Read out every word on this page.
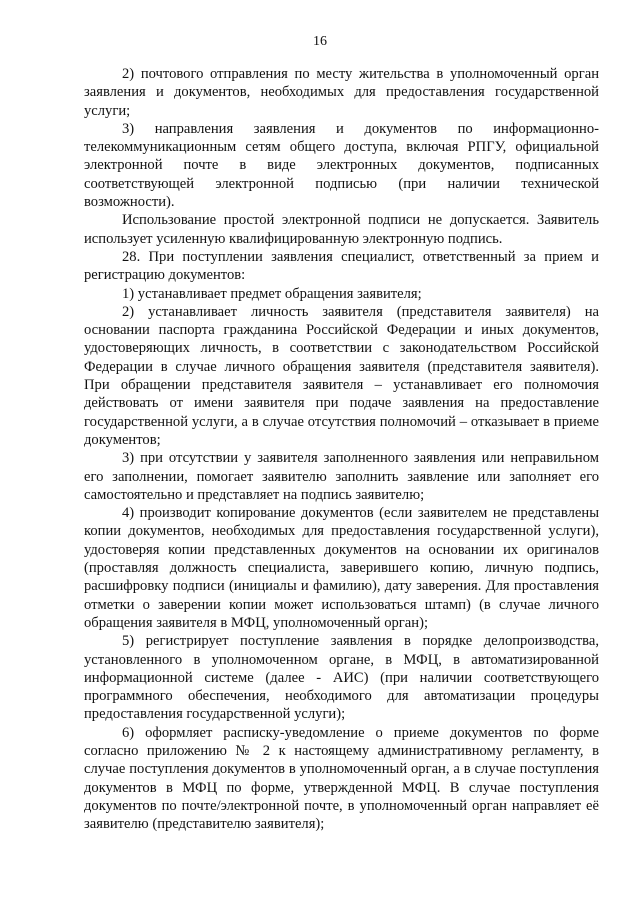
16

2) почтового отправления по месту жительства в уполномоченный орган заявления и документов, необходимых для предоставления государственной услуги;

3) направления заявления и документов по информационно-телекоммуникационным сетям общего доступа, включая РПГУ, официальной электронной почте в виде электронных документов, подписанных соответствующей электронной подписью (при наличии технической возможности).

Использование простой электронной подписи не допускается. Заявитель использует усиленную квалифицированную электронную подпись.

28. При поступлении заявления специалист, ответственный за прием и регистрацию документов:

1) устанавливает предмет обращения заявителя;

2) устанавливает личность заявителя (представителя заявителя) на основании паспорта гражданина Российской Федерации и иных документов, удостоверяющих личность, в соответствии с законодательством Российской Федерации в случае личного обращения заявителя (представителя заявителя). При обращении представителя заявителя – устанавливает его полномочия действовать от имени заявителя при подаче заявления на предоставление государственной услуги, а в случае отсутствия полномочий – отказывает в приеме документов;

3) при отсутствии у заявителя заполненного заявления или неправильном его заполнении, помогает заявителю заполнить заявление или заполняет его самостоятельно и представляет на подпись заявителю;

4) производит копирование документов (если заявителем не представлены копии документов, необходимых для предоставления государственной услуги), удостоверяя копии представленных документов на основании их оригиналов (проставляя должность специалиста, заверившего копию, личную подпись, расшифровку подписи (инициалы и фамилию), дату заверения. Для проставления отметки о заверении копии может использоваться штамп) (в случае личного обращения заявителя в МФЦ, уполномоченный орган);

5) регистрирует поступление заявления в порядке делопроизводства, установленного в уполномоченном органе, в МФЦ, в автоматизированной информационной системе (далее - АИС) (при наличии соответствующего программного обеспечения, необходимого для автоматизации процедуры предоставления государственной услуги);

6) оформляет расписку-уведомление о приеме документов по форме согласно приложению № 2 к настоящему административному регламенту, в случае поступления документов в уполномоченный орган, а в случае поступления документов в МФЦ по форме, утвержденной МФЦ. В случае поступления документов по почте/электронной почте, в уполномоченный орган направляет её заявителю (представителю заявителя);
